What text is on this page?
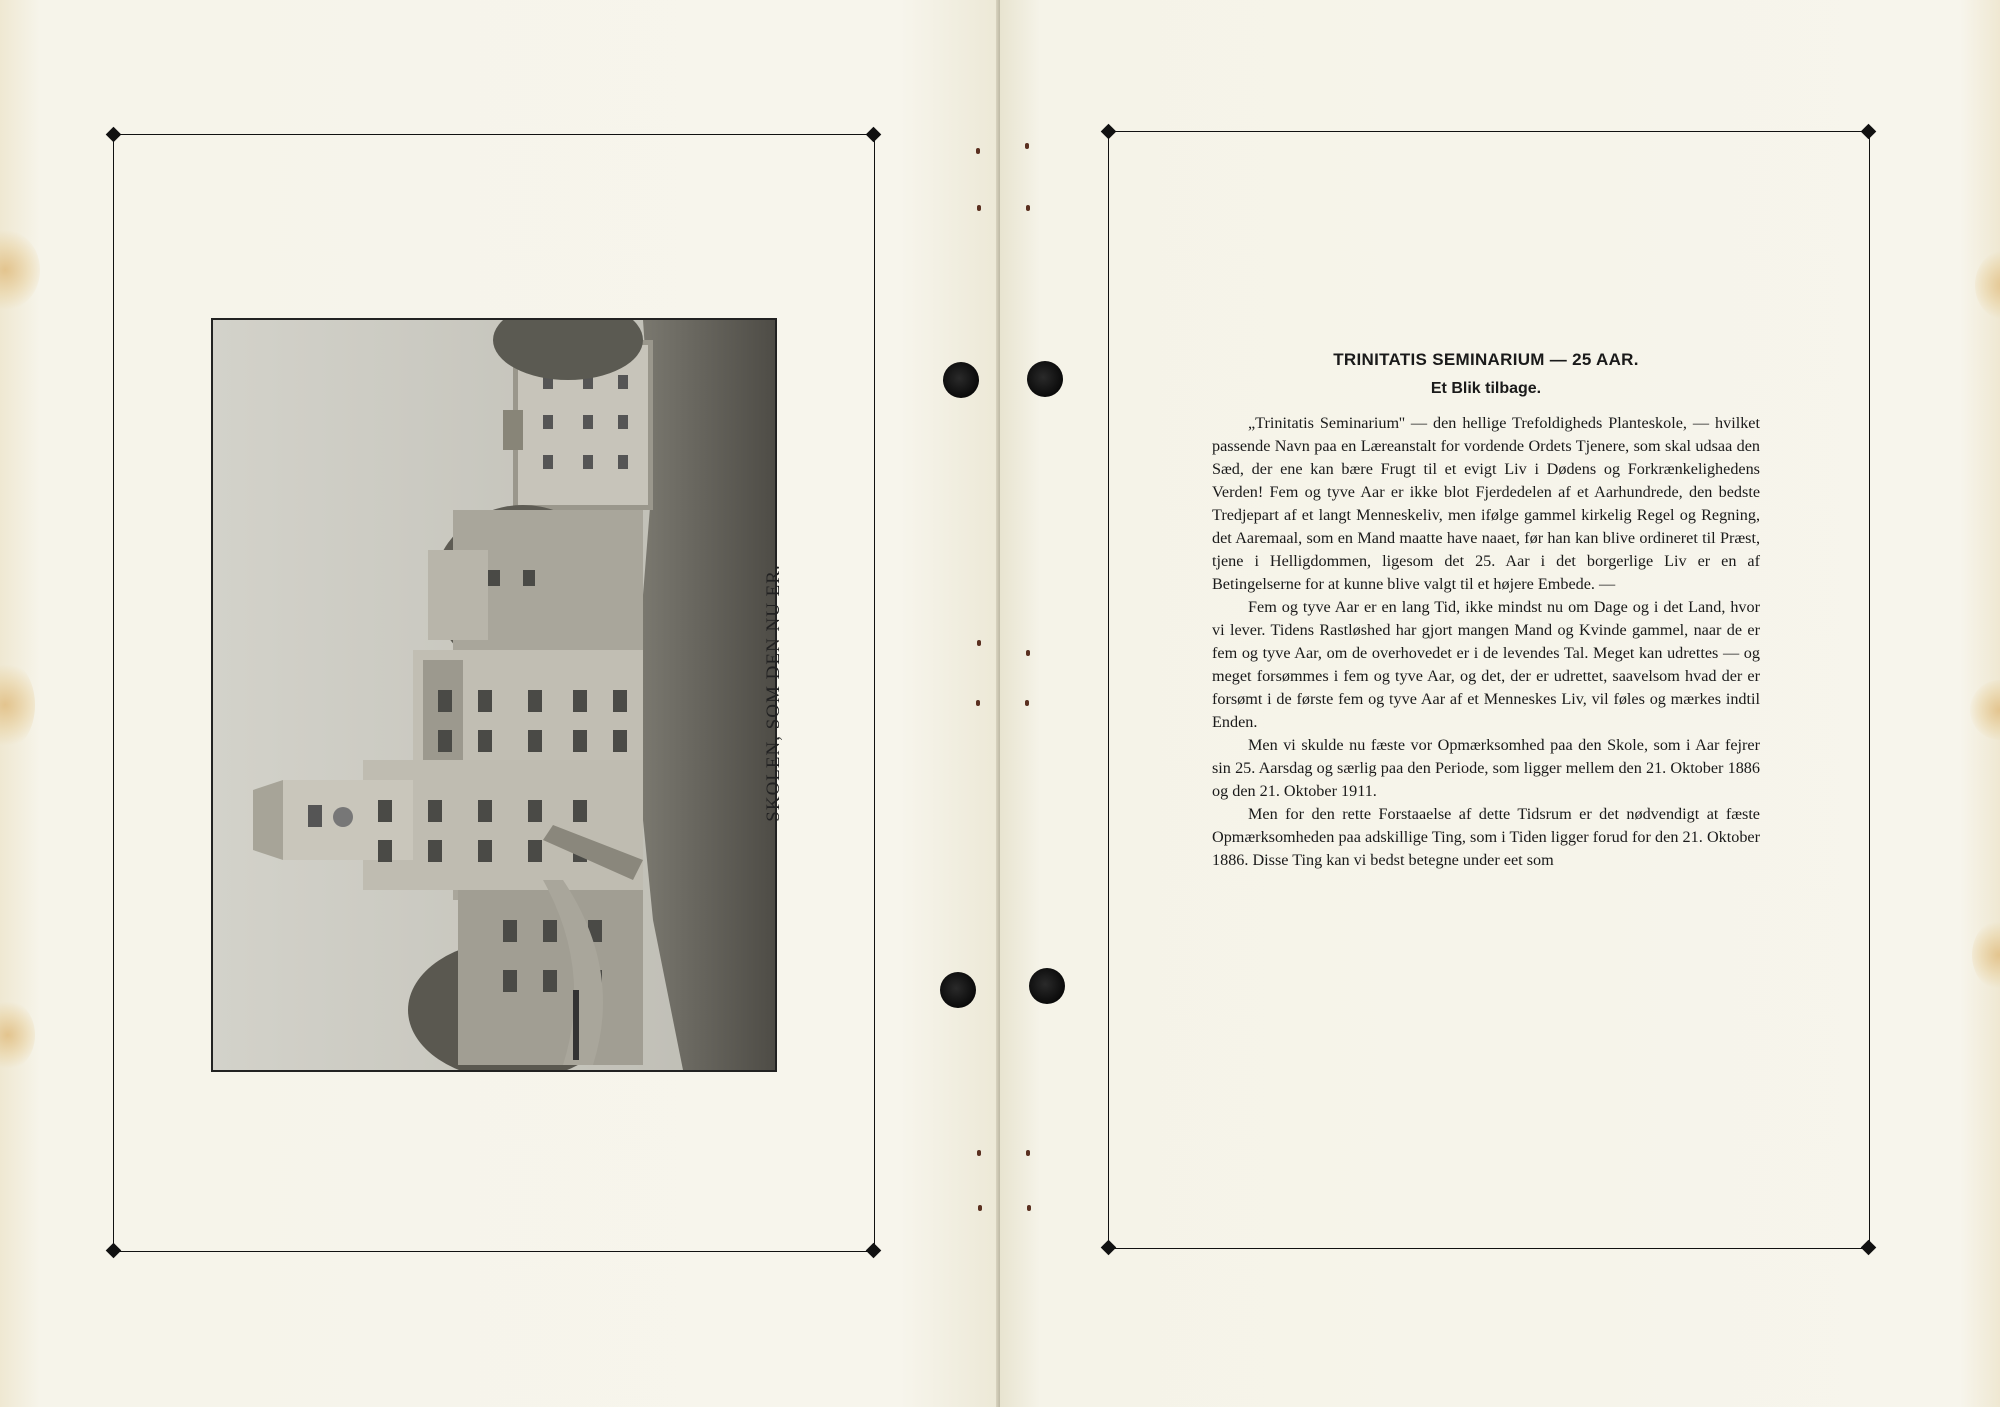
SKOLEN, SOM DEN NU ER.
TRINITATIS SEMINARIUM — 25 AAR.
Et Blik tilbage.

„Trinitatis Seminarium'' — den hellige Trefoldigheds Planteskole, — hvilket passende Navn paa en Læreanstalt for vordende Ordets Tjenere, som skal udsaa den Sæd, der ene kan bære Frugt til et evigt Liv i Dødens og Forkrænkelighedens Verden! Fem og tyve Aar er ikke blot Fjerdedelen af et Aarhundrede, den bedste Tredjepart af et langt Menneskeliv, men ifølge gammel kirkelig Regel og Regning, det Aaremaal, som en Mand maatte have naaet, før han kan blive ordineret til Præst, tjene i Helligdommen, ligesom det 25. Aar i det borgerlige Liv er en af Betingelserne for at kunne blive valgt til et højere Embede. —

Fem og tyve Aar er en lang Tid, ikke mindst nu om Dage og i det Land, hvor vi lever. Tidens Rastløshed har gjort mangen Mand og Kvinde gammel, naar de er fem og tyve Aar, om de overhovedet er i de levendes Tal. Meget kan udrettes — og meget forsømmes i fem og tyve Aar, og det, der er udrettet, saavelsom hvad der er forsømt i de første fem og tyve Aar af et Menneskes Liv, vil føles og mærkes indtil Enden.

Men vi skulde nu fæste vor Opmærksomhed paa den Skole, som i Aar fejrer sin 25. Aarsdag og særlig paa den Periode, som ligger mellem den 21. Oktober 1886 og den 21. Oktober 1911.

Men for den rette Forstaaelse af dette Tidsrum er det nødvendigt at fæste Opmærksomheden paa adskillige Ting, som i Tiden ligger forud for den 21. Oktober 1886. Disse Ting kan vi bedst betegne under eet som
